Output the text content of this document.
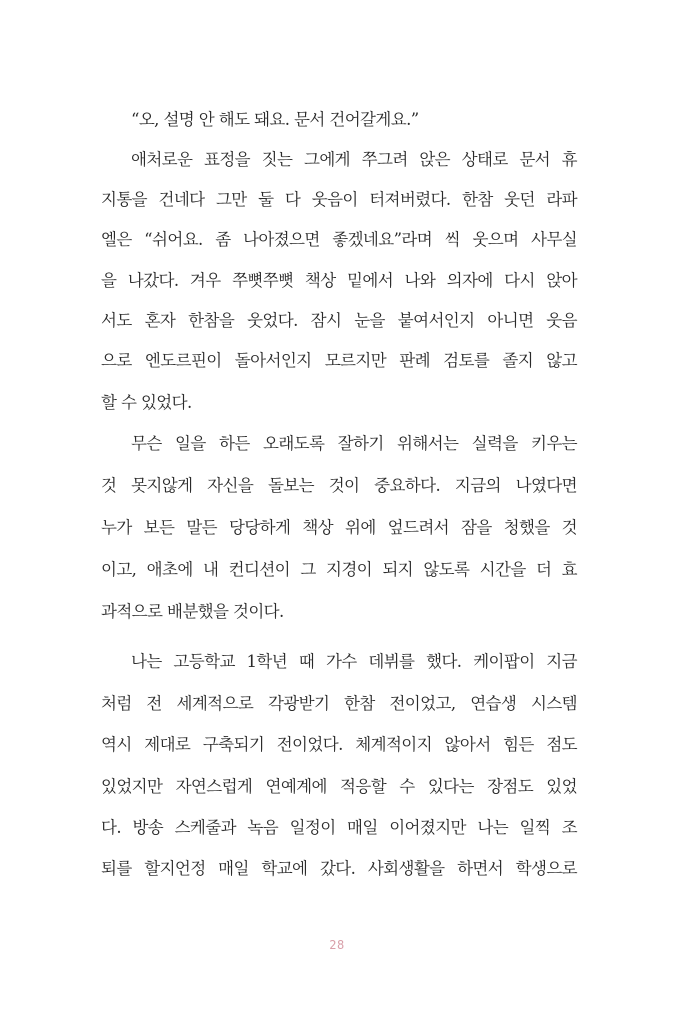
“오, 설명 안 해도 돼요. 문서 건어갈게요.”
애처로운 표정을 짓는 그에게 쭈그려 앉은 상태로 문서 휴
지통을 건네다 그만 둘 다 웃음이 터져버렸다. 한참 웃던 라파
엘은 “쉬어요. 좀 나아졌으면 좋겠네요”라며 씩 웃으며 사무실
을 나갔다. 겨우 쭈뼛쭈뼛 책상 밑에서 나와 의자에 다시 앉아
서도 혼자 한참을 웃었다. 잠시 눈을 붙여서인지 아니면 웃음
으로 엔도르핀이 돌아서인지 모르지만 판례 검토를 졸지 않고
할 수 있었다.
무슨 일을 하든 오래도록 잘하기 위해서는 실력을 키우는
것 못지않게 자신을 돌보는 것이 중요하다. 지금의 나였다면
누가 보든 말든 당당하게 책상 위에 엎드려서 잠을 청했을 것
이고, 애초에 내 컨디션이 그 지경이 되지 않도록 시간을 더 효
과적으로 배분했을 것이다.
나는 고등학교 1학년 때 가수 데뷔를 했다. 케이팝이 지금
처럼 전 세계적으로 각광받기 한참 전이었고, 연습생 시스템
역시 제대로 구축되기 전이었다. 체계적이지 않아서 힘든 점도
있었지만 자연스럽게 연예계에 적응할 수 있다는 장점도 있었
다. 방송 스케줄과 녹음 일정이 매일 이어졌지만 나는 일찍 조
퇴를 할지언정 매일 학교에 갔다. 사회생활을 하면서 학생으로
28
